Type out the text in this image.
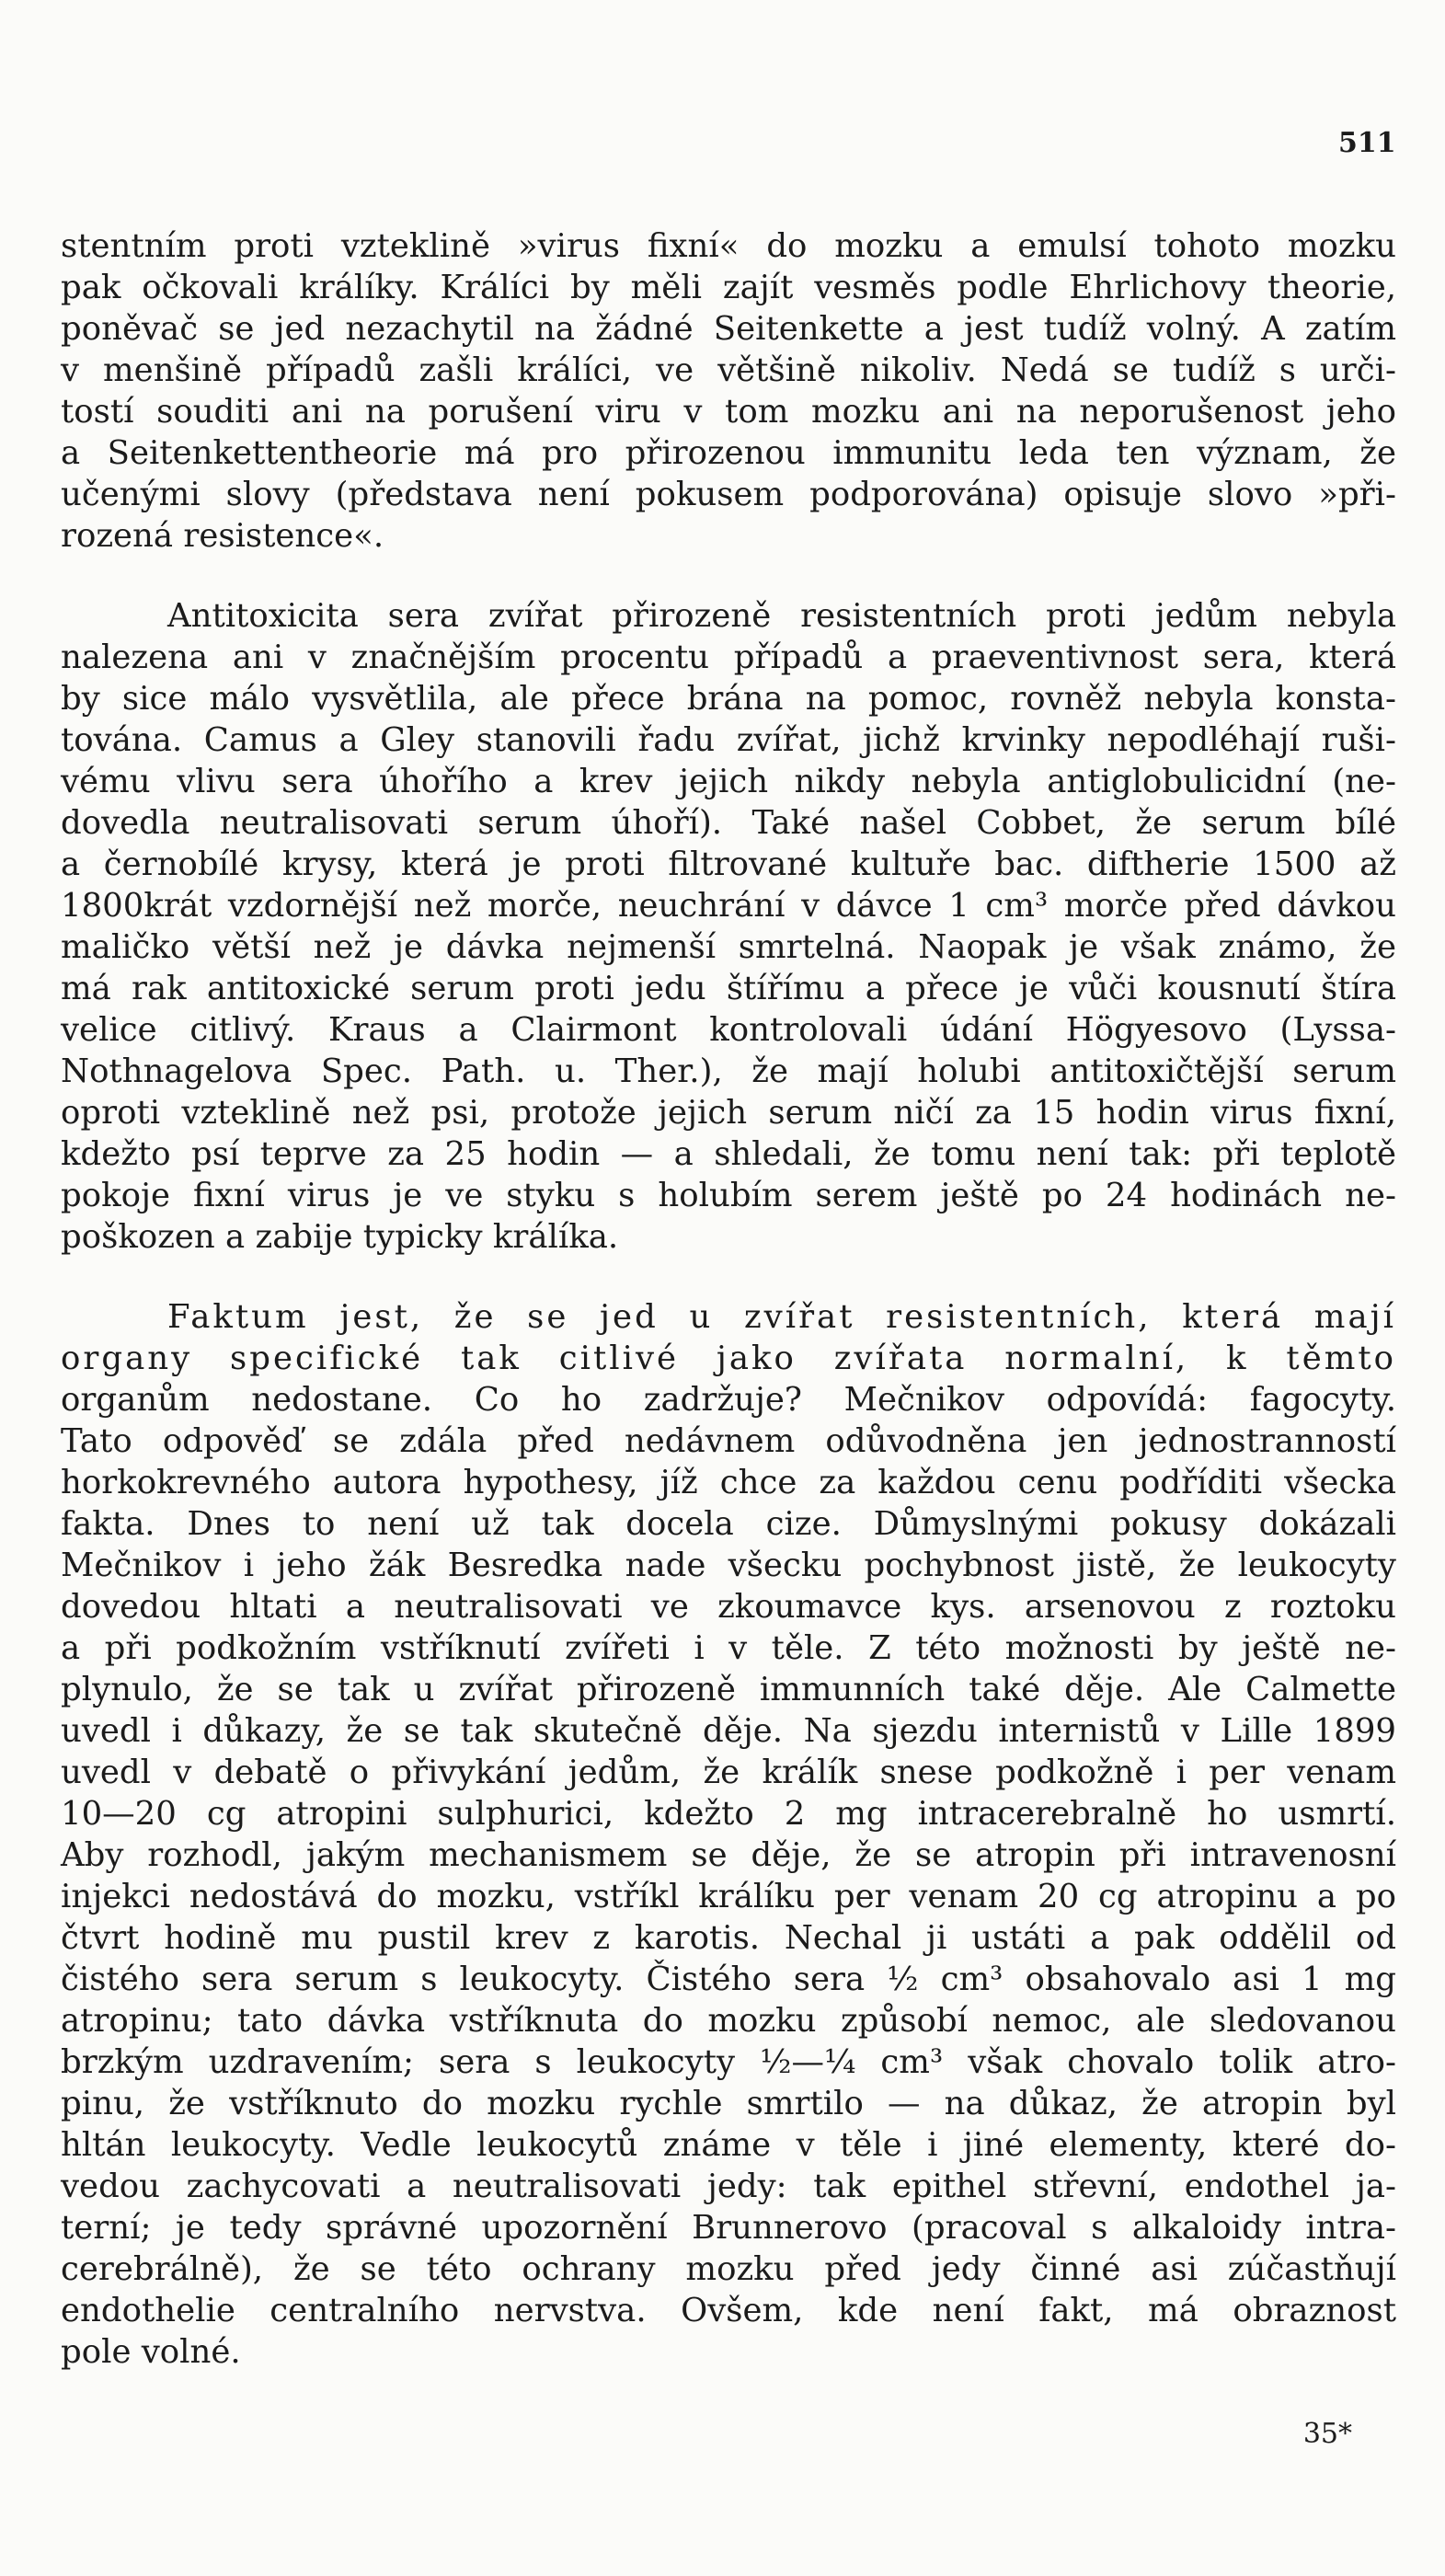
511
stentním proti vzteklině »virus fixní« do mozku a emulsí tohoto mozku
pak očkovali králíky. Králíci by měli zajít vesměs podle Ehrlichovy theorie,
poněvač se jed nezachytil na žádné Seitenkette a jest tudíž volný. A zatím
v menšině případů zašli králíci, ve většině nikoliv. Nedá se tudíž s urči-
tostí souditi ani na porušení viru v tom mozku ani na neporušenost jeho
a Seitenkettentheorie má pro přirozenou immunitu leda ten význam, že
učenými slovy (představa není pokusem podporována) opisuje slovo »při-
rozená resistence«.
Antitoxicita sera zvířat přirozeně resistentních proti jedům nebyla
nalezena ani v značnějším procentu případů a praeventivnost sera, která
by sice málo vysvětlila, ale přece brána na pomoc, rovněž nebyla konsta-
tována. Camus a Gley stanovili řadu zvířat, jichž krvinky nepodléhají ruši-
vému vlivu sera úhořího a krev jejich nikdy nebyla antiglobulicidní (ne-
dovedla neutralisovati serum úhoří). Také našel Cobbet, že serum bílé
a černobílé krysy, která je proti filtrované kultuře bac. diftherie 1500 až
1800krát vzdornější než morče, neuchrání v dávce 1 cm³ morče před dávkou
maličko větší než je dávka nejmenší smrtelná. Naopak je však známo, že
má rak antitoxické serum proti jedu štířímu a přece je vůči kousnutí štíra
velice citlivý. Kraus a Clairmont kontrolovali údání Högyesovo (Lyssa-
Nothnagelova Spec. Path. u. Ther.), že mají holubi antitoxičtější serum
oproti vzteklině než psi, protože jejich serum ničí za 15 hodin virus fixní,
kdežto psí teprve za 25 hodin — a shledali, že tomu není tak: při teplotě
pokoje fixní virus je ve styku s holubím serem ještě po 24 hodinách ne-
poškozen a zabije typicky králíka.
Faktum jest, že se jed u zvířat resistentních, která mají
organy specifické tak citlivé jako zvířata normalní, k těmto
organům nedostane. Co ho zadržuje? Mečnikov odpovídá: fagocyty.
Tato odpověď se zdála před nedávnem odůvodněna jen jednostranností
horkokrevného autora hypothesy, jíž chce za každou cenu podříditi všecka
fakta. Dnes to není už tak docela cize. Důmyslnými pokusy dokázali
Mečnikov i jeho žák Besredka nade všecku pochybnost jistě, že leukocyty
dovedou hltati a neutralisovati ve zkoumavce kys. arsenovou z roztoku
a při podkožním vstříknutí zvířeti i v těle. Z této možnosti by ještě ne-
plynulo, že se tak u zvířat přirozeně immunních také děje. Ale Calmette
uvedl i důkazy, že se tak skutečně děje. Na sjezdu internistů v Lille 1899
uvedl v debatě o přivykání jedům, že králík snese podkožně i per venam
10—20 cg atropini sulphurici, kdežto 2 mg intracerebralně ho usmrtí.
Aby rozhodl, jakým mechanismem se děje, že se atropin při intravenosní
injekci nedostává do mozku, vstříkl králíku per venam 20 cg atropinu a po
čtvrt hodině mu pustil krev z karotis. Nechal ji ustáti a pak oddělil od
čistého sera serum s leukocyty. Čistého sera ½ cm³ obsahovalo asi 1 mg
atropinu; tato dávka vstříknuta do mozku způsobí nemoc, ale sledovanou
brzkým uzdravením; sera s leukocyty ½—¼ cm³ však chovalo tolik atro-
pinu, že vstříknuto do mozku rychle smrtilo — na důkaz, že atropin byl
hltán leukocyty. Vedle leukocytů známe v těle i jiné elementy, které do-
vedou zachycovati a neutralisovati jedy: tak epithel střevní, endothel ja-
terní; je tedy správné upozornění Brunnerovo (pracoval s alkaloidy intra-
cerebrálně), že se této ochrany mozku před jedy činné asi zúčastňují
endothelie centralního nervstva. Ovšem, kde není fakt, má obraznost
pole volné.
35*
